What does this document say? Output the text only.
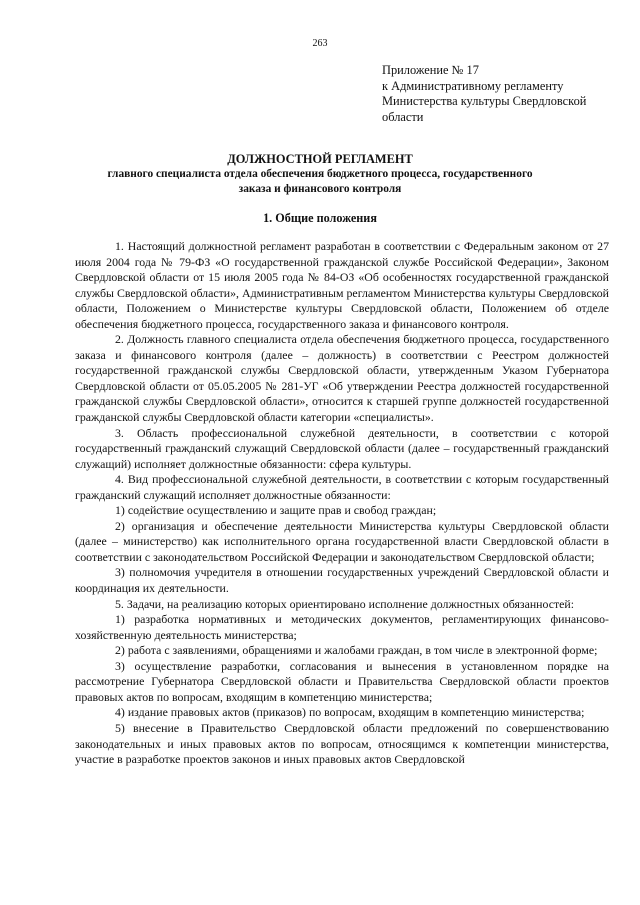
263
Приложение № 17
к Административному регламенту
Министерства культуры Свердловской
области
ДОЛЖНОСТНОЙ РЕГЛАМЕНТ
главного специалиста отдела обеспечения бюджетного процесса, государственного заказа и финансового контроля
1. Общие положения

1. Настоящий должностной регламент разработан в соответствии с Федеральным законом от 27 июля 2004 года № 79-ФЗ «О государственной гражданской службе Российской Федерации», Законом Свердловской области от 15 июля 2005 года № 84-ОЗ «Об особенностях государственной гражданской службы Свердловской области», Административным регламентом Министерства культуры Свердловской области, Положением о Министерстве культуры Свердловской области, Положением об отделе обеспечения бюджетного процесса, государственного заказа и финансового контроля.

2. Должность главного специалиста отдела обеспечения бюджетного процесса, государственного заказа и финансового контроля (далее – должность) в соответствии с Реестром должностей государственной гражданской службы Свердловской области, утвержденным Указом Губернатора Свердловской области от 05.05.2005 № 281-УГ «Об утверждении Реестра должностей государственной гражданской службы Свердловской области», относится к старшей группе должностей государственной гражданской службы Свердловской области категории «специалисты».

3. Область профессиональной служебной деятельности, в соответствии с которой государственный гражданский служащий Свердловской области (далее – государственный гражданский служащий) исполняет должностные обязанности: сфера культуры.

4. Вид профессиональной служебной деятельности, в соответствии с которым государственный гражданский служащий исполняет должностные обязанности:

1) содействие осуществлению и защите прав и свобод граждан;

2) организация и обеспечение деятельности Министерства культуры Свердловской области (далее – министерство) как исполнительного органа государственной власти Свердловской области в соответствии с законодательством Российской Федерации и законодательством Свердловской области;

3) полномочия учредителя в отношении государственных учреждений Свердловской области и координация их деятельности.

5. Задачи, на реализацию которых ориентировано исполнение должностных обязанностей:

1) разработка нормативных и методических документов, регламентирующих финансово-хозяйственную деятельность министерства;

2) работа с заявлениями, обращениями и жалобами граждан, в том числе в электронной форме;

3) осуществление разработки, согласования и вынесения в установленном порядке на рассмотрение Губернатора Свердловской области и Правительства Свердловской области проектов правовых актов по вопросам, входящим в компетенцию министерства;

4) издание правовых актов (приказов) по вопросам, входящим в компетенцию министерства;

5) внесение в Правительство Свердловской области предложений по совершенствованию законодательных и иных правовых актов по вопросам, относящимся к компетенции министерства, участие в разработке проектов законов и иных правовых актов Свердловской
